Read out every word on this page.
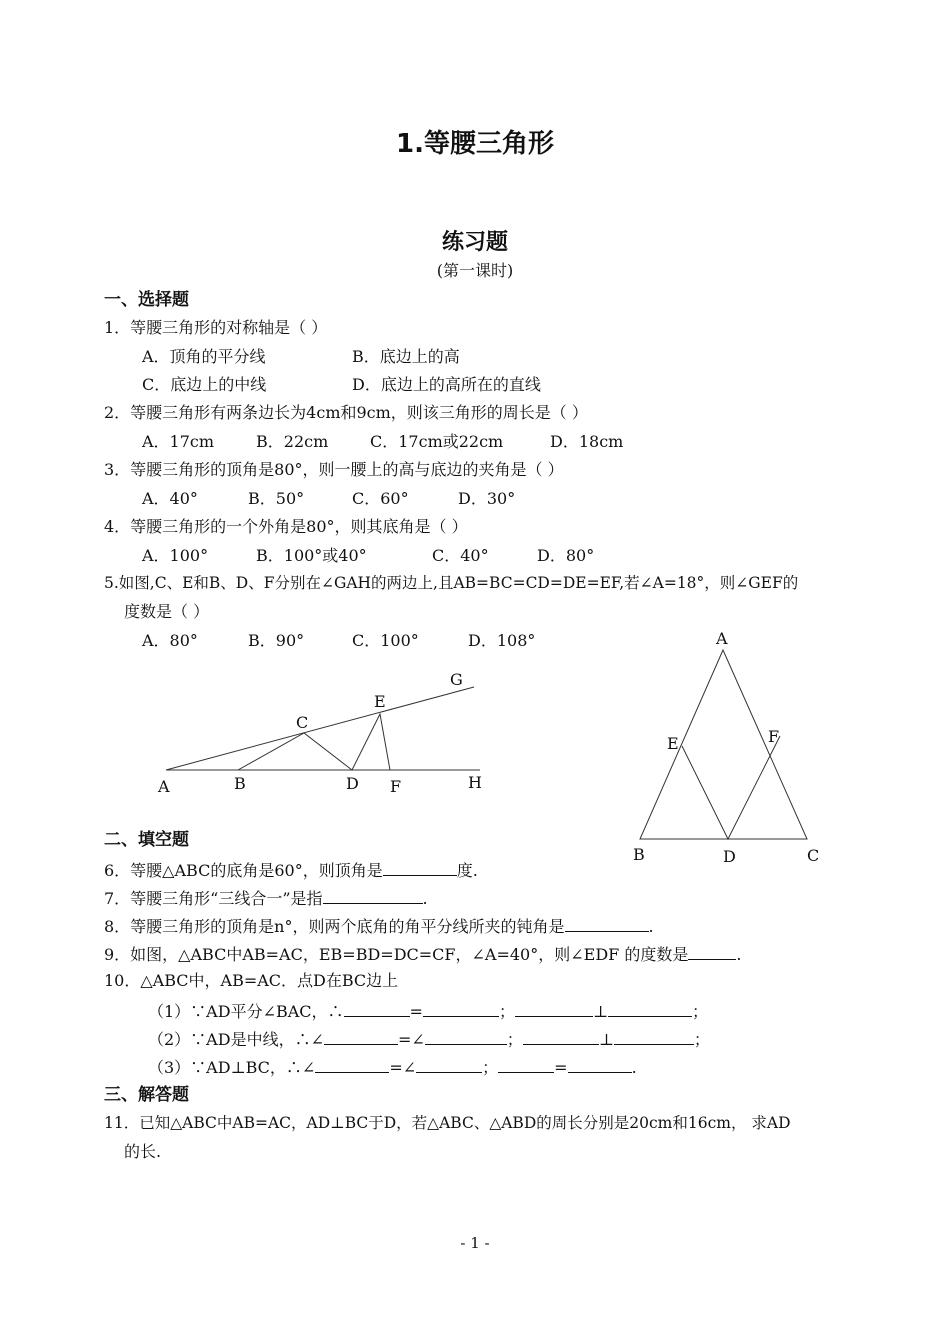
1.等腰三角形
练习题
(第一课时)
一、选择题
1．等腰三角形的对称轴是（ ）
A．顶角的平分线	B．底边上的高
C．底边上的中线	D．底边上的高所在的直线
2．等腰三角形有两条边长为4cm和9cm，则该三角形的周长是（ ）
A．17cm	B．22cm	C．17cm或22cm	D．18cm
3．等腰三角形的顶角是80°，则一腰上的高与底边的夹角是（ ）
A．40°	B．50°	C．60°	D．30°
4．等腰三角形的一个外角是80°，则其底角是（ ）
A．100°	B．100°或40°	C．40°	D．80°
5.如图,C、E和B、D、F分别在∠GAH的两边上,且AB=BC=CD=DE=EF,若∠A=18°，则∠GEF的
度数是（ ）
A．80°	B．90°	C．100°	D．108°
A	B
C
D
E
F
G
H
A
B	C
D
E	F
二、填空题
6．等腰△ABC的底角是60°，则顶角是	度.
7．等腰三角形“三线合一”是指	.
8．等腰三角形的顶角是n°，则两个底角的角平分线所夹的钝角是	.
9．如图，△ABC中AB=AC，EB=BD=DC=CF，∠A=40°，则∠EDF 的度数是	.
10．△ABC中，AB=AC．点D在BC边上
（1）∵AD平分∠BAC，∴	=	；	⊥	；
（2）∵AD是中线，∴∠	=∠	；	⊥	；
（3）∵AD⊥BC，∴∠	=∠	；	=	.
三、解答题
11．已知△ABC中AB=AC，AD⊥BC于D，若△ABC、△ABD的周长分别是20cm和16cm， 求AD
的长.
- 1 -
